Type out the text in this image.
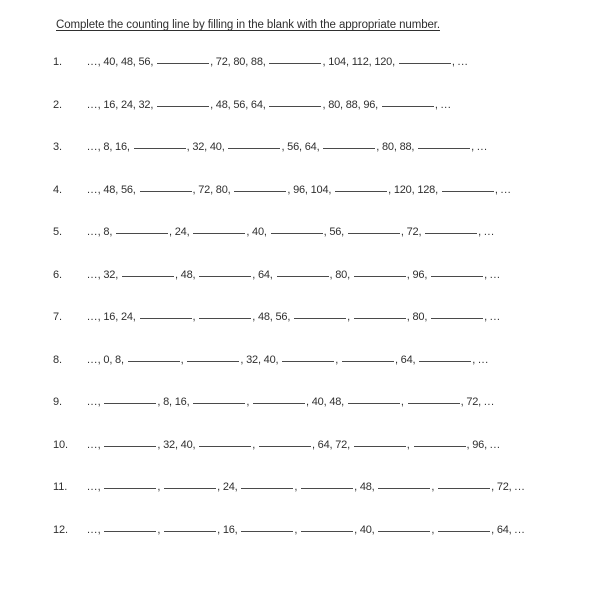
Complete the counting line by filling in the blank with the appropriate number.
1. ..., 40, 48, 56,	, 72, 80, 88,	, 104, 112, 120,	, ...
2. ..., 16, 24, 32,	, 48, 56, 64,	, 80, 88, 96,	, ...
3. ..., 8, 16,	, 32, 40,	, 56, 64,	, 80, 88,	, ...
4. ..., 48, 56,	, 72, 80,	, 96, 104,	, 120, 128,	, ...
5. ..., 8,	, 24,	, 40,	, 56,	, 72,	, ...
6. ..., 32,	, 48,	, 64,	, 80,	, 96,	, ...
7. ..., 16, 24,	,	, 48, 56,	,	, 80,	, ...
8. ..., 0, 8,	,	, 32, 40,	,	, 64,	, ...
9. ...,	, 8, 16,	,	, 40, 48,	,	, 72, ...
10. ...,	, 32, 40,	,	, 64, 72,	,	, 96, ...
11. ...,	,	, 24,	,	, 48,	,	, 72, ...
12. ...,	,	, 16,	,	, 40,	,	, 64, ...
